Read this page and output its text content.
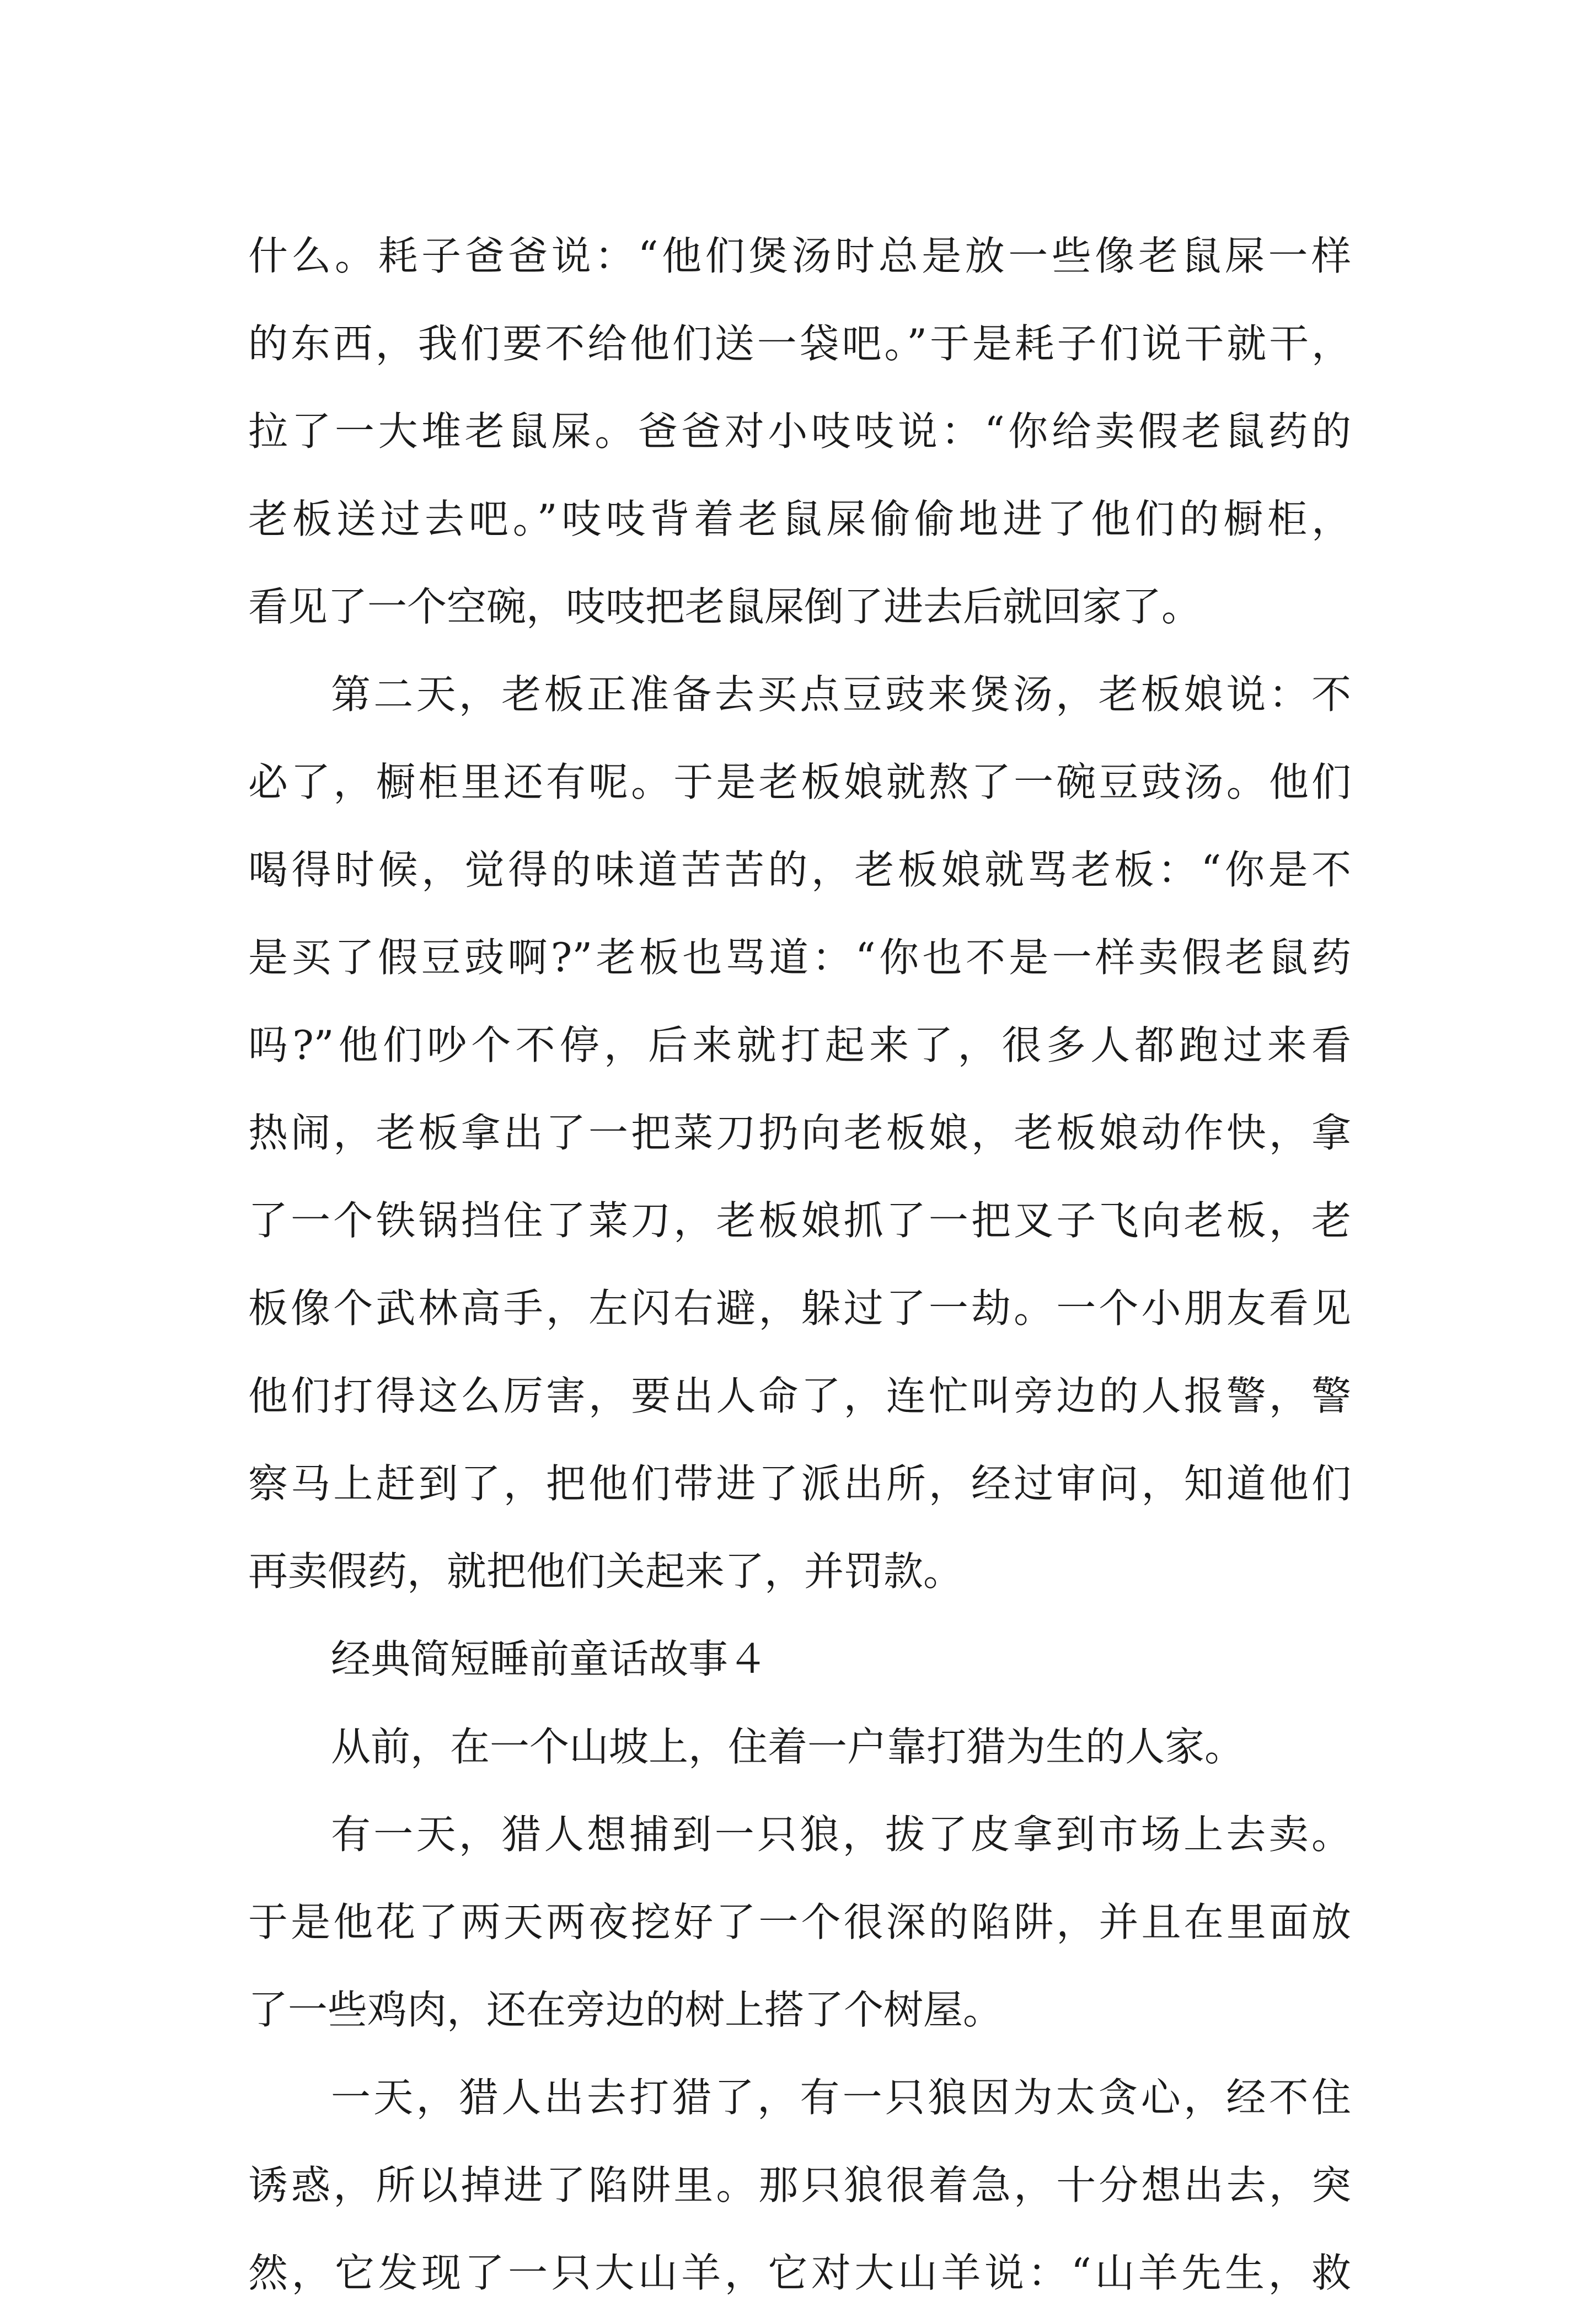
什么。耗子爸爸说：“他们煲汤时总是放一些像老鼠屎一样
的东西，我们要不给他们送一袋吧。”于是耗子们说干就干，
拉了一大堆老鼠屎。爸爸对小吱吱说：“你给卖假老鼠药的
老板送过去吧。”吱吱背着老鼠屎偷偷地进了他们的橱柜，
看见了一个空碗，吱吱把老鼠屎倒了进去后就回家了。
第二天，老板正准备去买点豆豉来煲汤，老板娘说：不
必了，橱柜里还有呢。于是老板娘就熬了一碗豆豉汤。他们
喝得时候，觉得的味道苦苦的，老板娘就骂老板：“你是不
是买了假豆豉啊?”老板也骂道：“你也不是一样卖假老鼠药
吗?”他们吵个不停，后来就打起来了，很多人都跑过来看
热闹，老板拿出了一把菜刀扔向老板娘，老板娘动作快，拿
了一个铁锅挡住了菜刀，老板娘抓了一把叉子飞向老板，老
板像个武林高手，左闪右避，躲过了一劫。一个小朋友看见
他们打得这么厉害，要出人命了，连忙叫旁边的人报警，警
察马上赶到了，把他们带进了派出所，经过审问，知道他们
再卖假药，就把他们关起来了，并罚款。
经典简短睡前童话故事４
从前，在一个山坡上，住着一户靠打猎为生的人家。
有一天，猎人想捕到一只狼，拔了皮拿到市场上去卖。
于是他花了两天两夜挖好了一个很深的陷阱，并且在里面放
了一些鸡肉，还在旁边的树上搭了个树屋。
一天，猎人出去打猎了，有一只狼因为太贪心，经不住
诱惑，所以掉进了陷阱里。那只狼很着急，十分想出去，突
然，它发现了一只大山羊，它对大山羊说：“山羊先生，救
